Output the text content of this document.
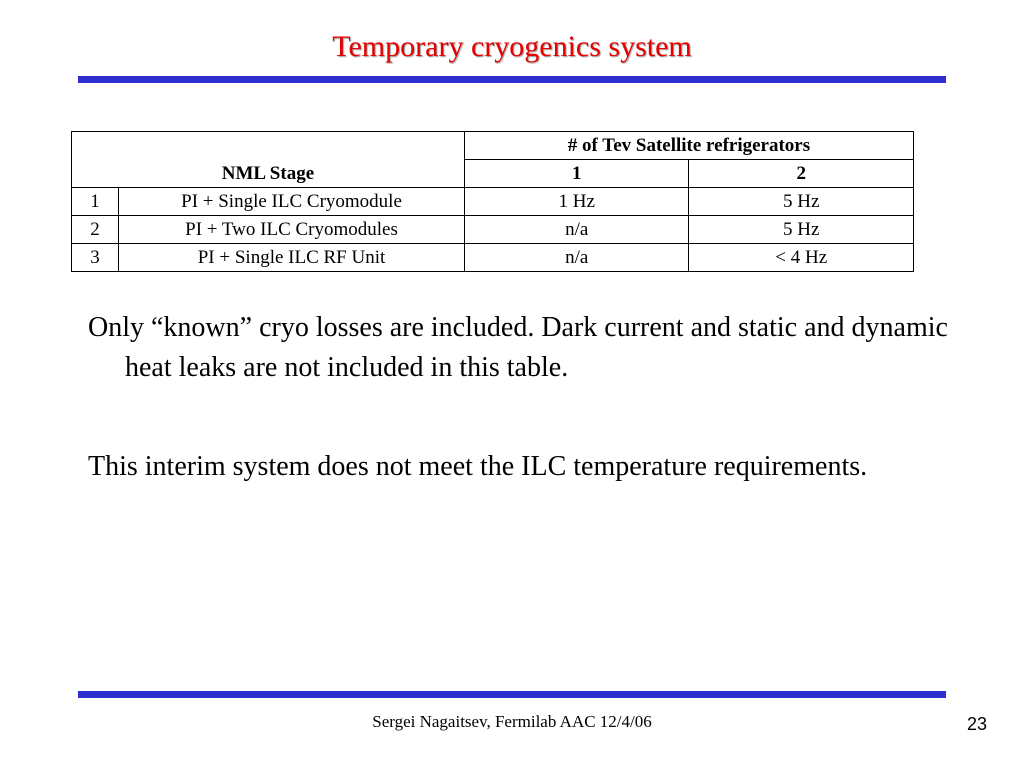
Temporary cryogenics system
NML Stage		# of Tev Satellite refrigerators	
		1	2
1	PI + Single ILC Cryomodule	1 Hz	5 Hz
2	PI + Two ILC Cryomodules	n/a	5 Hz
3	PI + Single ILC RF Unit	n/a	< 4 Hz

Only “known” cryo losses are included. Dark current and static and dynamic heat leaks are not included in this table.

This interim system does not meet the ILC temperature requirements.

Sergei Nagaitsev, Fermilab AAC 12/4/06	23
